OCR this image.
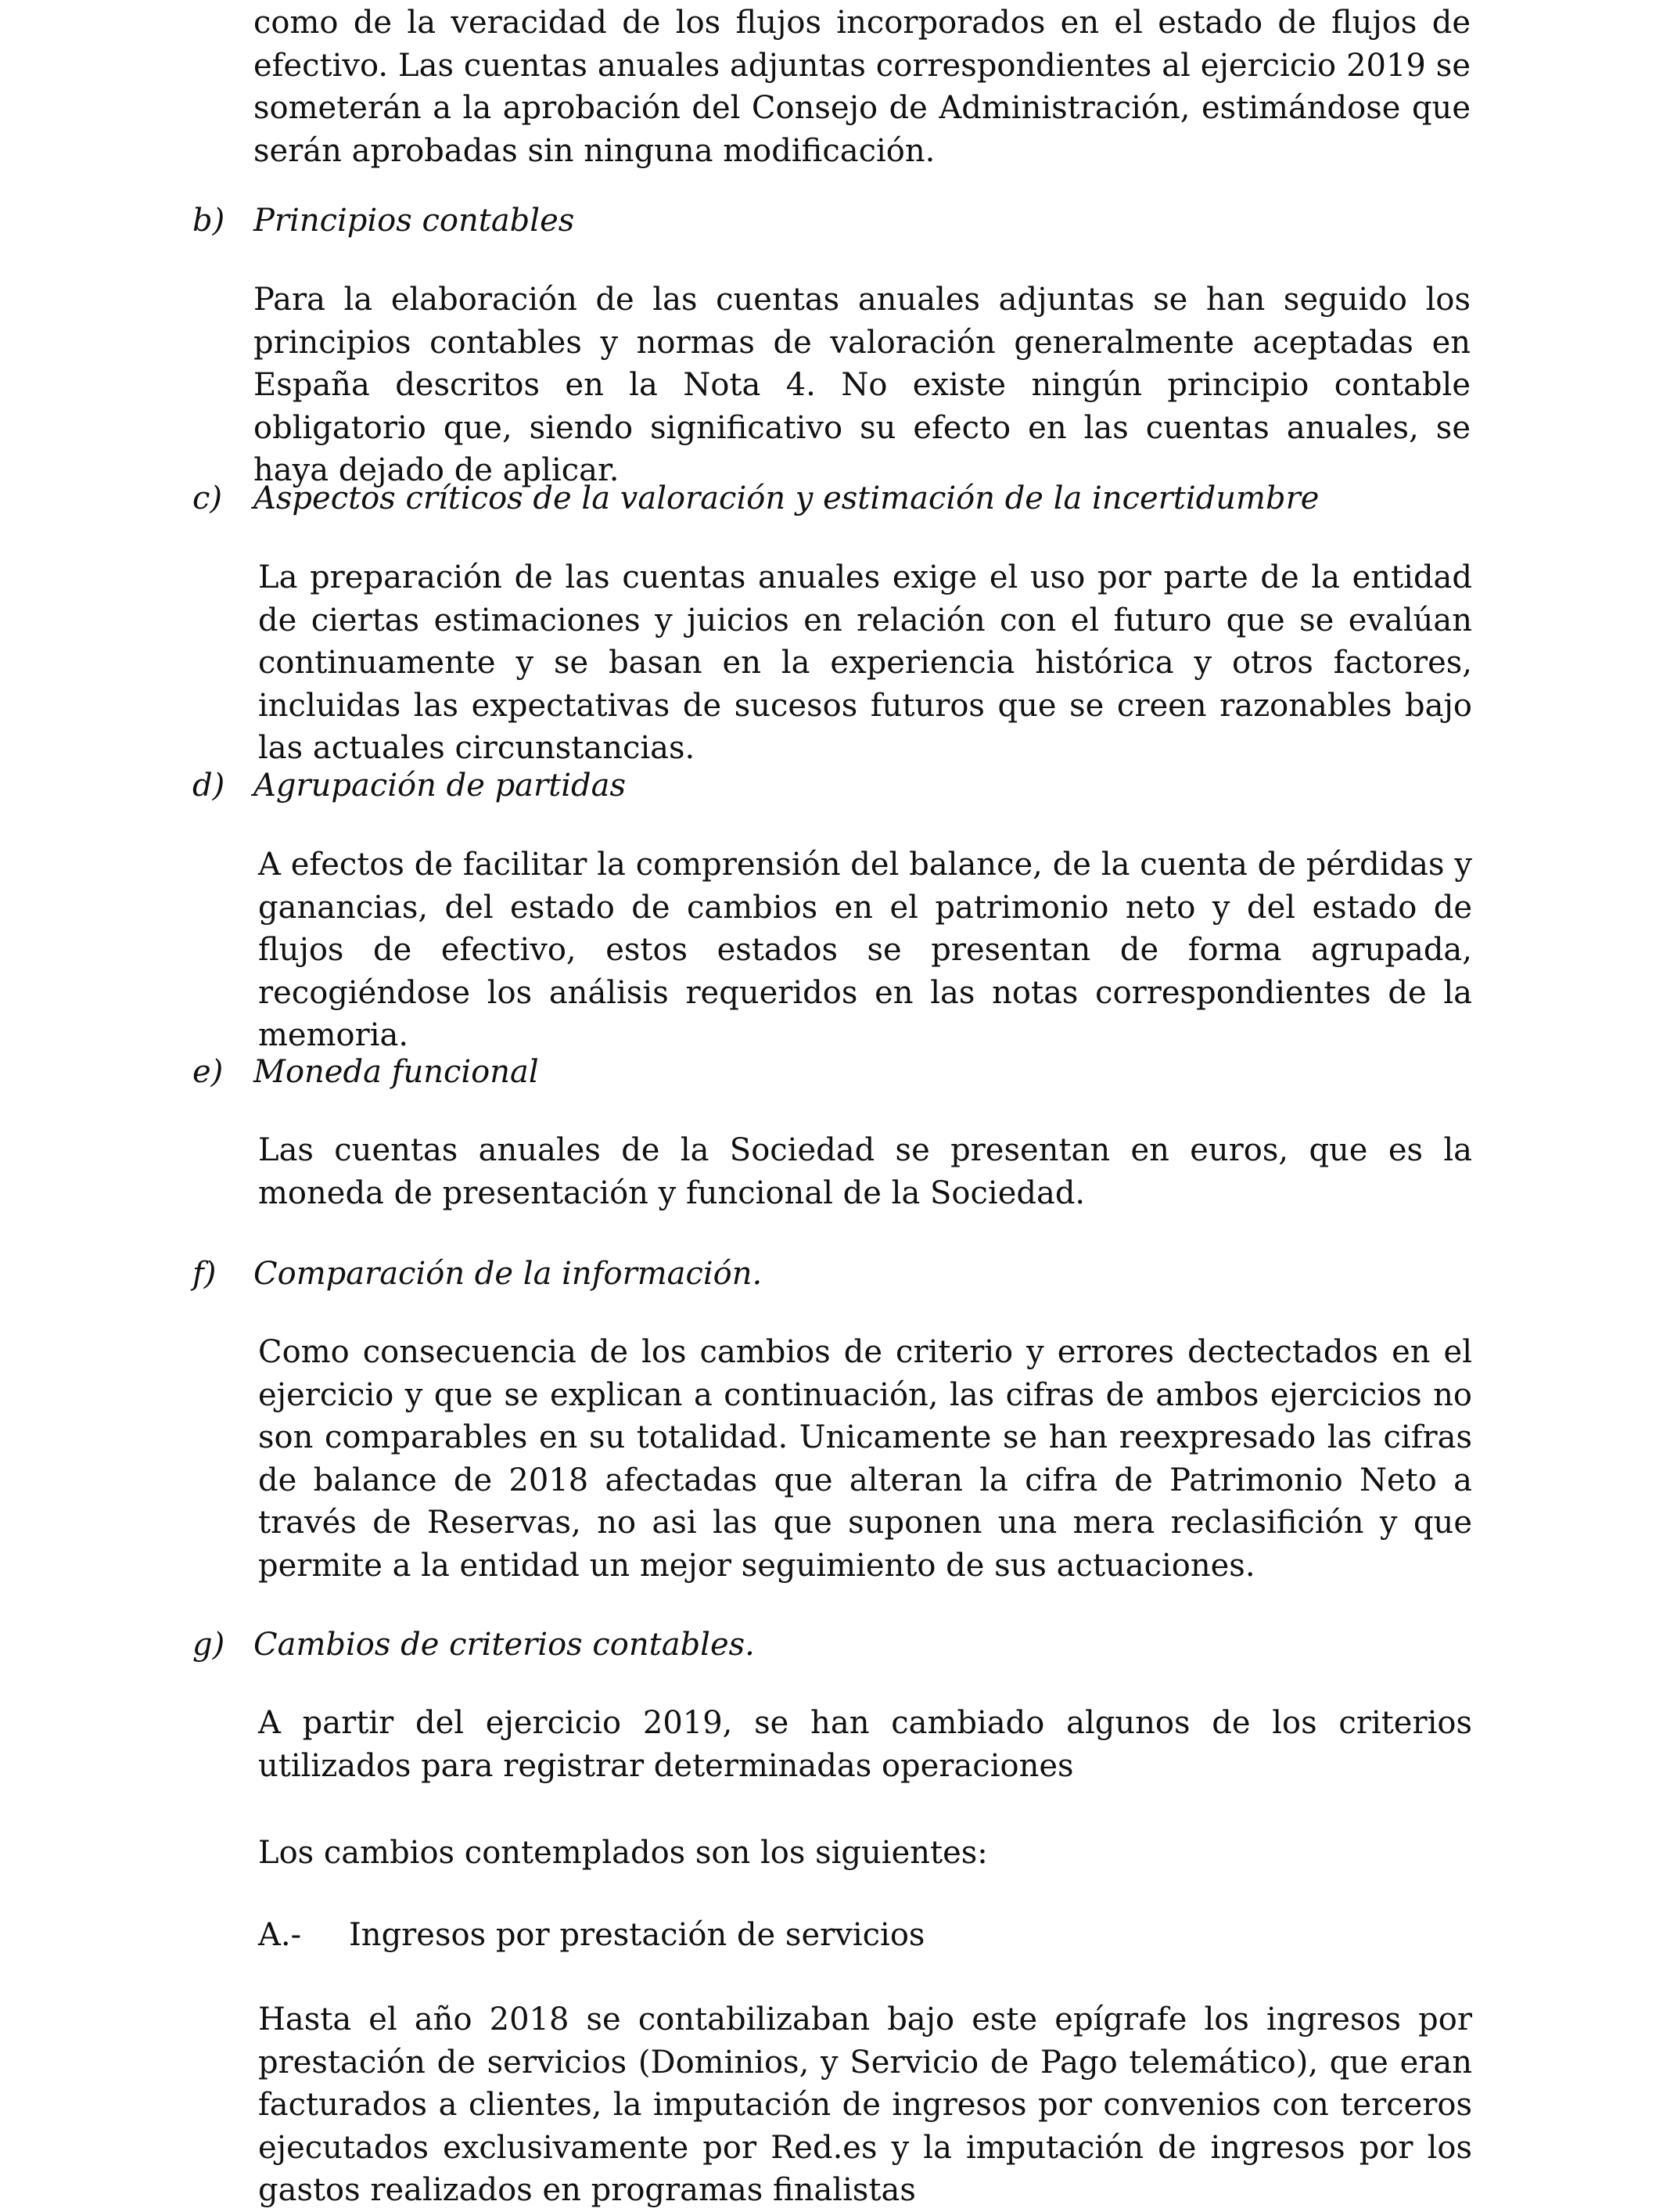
como de la veracidad de los flujos incorporados en el estado de flujos de efectivo. Las cuentas anuales adjuntas correspondientes al ejercicio 2019 se someterán a la aprobación del Consejo de Administración, estimándose que serán aprobadas sin ninguna modificación.

b) Principios contables

Para la elaboración de las cuentas anuales adjuntas se han seguido los principios contables y normas de valoración generalmente aceptadas en España descritos en la Nota 4. No existe ningún principio contable obligatorio que, siendo significativo su efecto en las cuentas anuales, se haya dejado de aplicar.

c) Aspectos críticos de la valoración y estimación de la incertidumbre

La preparación de las cuentas anuales exige el uso por parte de la entidad de ciertas estimaciones y juicios en relación con el futuro que se evalúan continuamente y se basan en la experiencia histórica y otros factores, incluidas las expectativas de sucesos futuros que se creen razonables bajo las actuales circunstancias.

d) Agrupación de partidas

A efectos de facilitar la comprensión del balance, de la cuenta de pérdidas y ganancias, del estado de cambios en el patrimonio neto y del estado de flujos de efectivo, estos estados se presentan de forma agrupada, recogiéndose los análisis requeridos en las notas correspondientes de la memoria.

e) Moneda funcional

Las cuentas anuales de la Sociedad se presentan en euros, que es la moneda de presentación y funcional de la Sociedad.

f) Comparación de la información.

Como consecuencia de los cambios de criterio y errores dectectados en el ejercicio y que se explican a continuación, las cifras de ambos ejercicios no son comparables en su totalidad. Unicamente se han reexpresado las cifras de balance de 2018 afectadas que alteran la cifra de Patrimonio Neto a través de Reservas, no asi las que suponen una mera reclasifición y que permite a la entidad un mejor seguimiento de sus actuaciones.

g) Cambios de criterios contables.

A partir del ejercicio 2019, se han cambiado algunos de los criterios utilizados para registrar determinadas operaciones

Los cambios contemplados son los siguientes:

A.- Ingresos por prestación de servicios

Hasta el año 2018 se contabilizaban bajo este epígrafe los ingresos por prestación de servicios (Dominios, y Servicio de Pago telemático), que eran facturados a clientes, la imputación de ingresos por convenios con terceros ejecutados exclusivamente por Red.es y la imputación de ingresos por los gastos realizados en programas finalistas
